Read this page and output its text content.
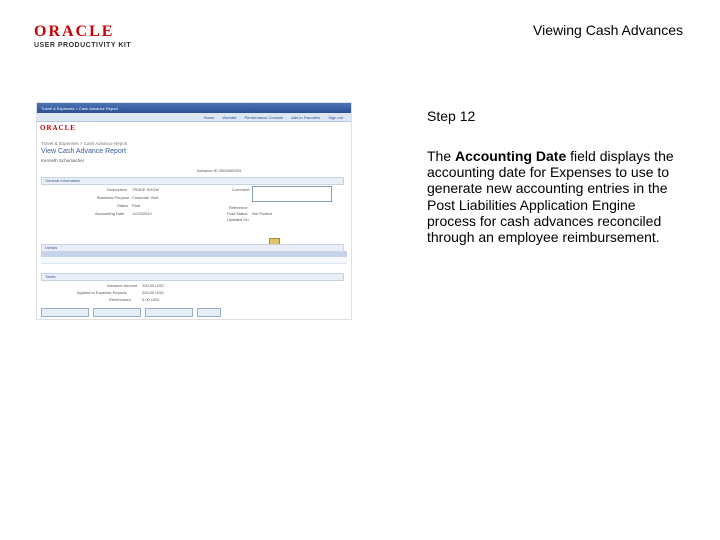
ORACLE
USER PRODUCTIVITY KIT
Viewing Cash Advances
Travel & Expenses > Cash Advance Report
Home Worklist Performance Console Add to Favorites Sign out
ORACLE
Travel & Expenses > Cash Advance Report
View Cash Advance Report
Kenneth Schumacher
Advance ID 0000000253
General Information
Description TRADE SHOW
Business Purpose Customer Visit
Status Paid
Accounting Date 11/29/2010
Comment
Reference
Post Status Not Posted
Updated On
Details
Totals
Advance Amount 200.00 USD
Applied to Expense Reports	200.00 USD
Reimbursed	0.00 USD
Step 12
The Accounting Date field displays the accounting date for Expenses to use to generate new accounting entries in the Post Liabilities Application Engine process for cash advances reconciled through an employee reimbursement.
